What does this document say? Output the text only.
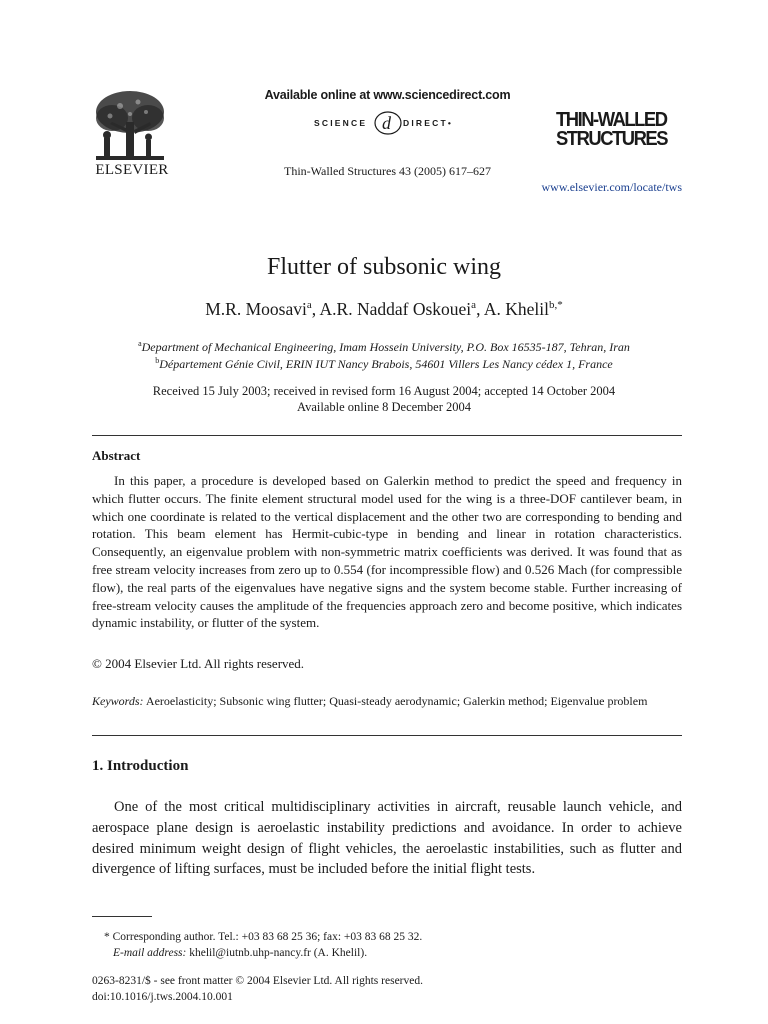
ELSEVIER
Available online at www.sciencedirect.com
SCIENCE d DIRECT•
Thin-Walled Structures 43 (2005) 617–627
THIN-WALLED
STRUCTURES
www.elsevier.com/locate/tws
Flutter of subsonic wing
M.R. Moosavi$^a$, A.R. Naddaf Oskouei$^a$, A. Khelil$^{b,*}$
$^a$Department of Mechanical Engineering, Imam Hossein University, P.O. Box 16535-187, Tehran, Iran
$^b$Département Génie Civil, ERIN IUT Nancy Brabois, 54601 Villers Les Nancy cédex 1, France
Received 15 July 2003; received in revised form 16 August 2004; accepted 14 October 2004
Available online 8 December 2004
Abstract
In this paper, a procedure is developed based on Galerkin method to predict the speed and frequency in which flutter occurs. The finite element structural model used for the wing is a three-DOF cantilever beam, in which one coordinate is related to the vertical displacement and the other two are corresponding to bending and rotation. This beam element has Hermit-cubic-type in bending and linear in rotation characteristics. Consequently, an eigenvalue problem with non-symmetric matrix coefficients was derived. It was found that as free stream velocity increases from zero up to 0.554 (for incompressible flow) and 0.526 Mach (for compressible flow), the real parts of the eigenvalues have negative signs and the system become stable. Further increasing of free-stream velocity causes the amplitude of the frequencies approach zero and become positive, which indicates dynamic instability, or flutter of the system.
© 2004 Elsevier Ltd. All rights reserved.
Keywords: Aeroelasticity; Subsonic wing flutter; Quasi-steady aerodynamic; Galerkin method; Eigenvalue problem
1. Introduction
One of the most critical multidisciplinary activities in aircraft, reusable launch vehicle, and aerospace plane design is aeroelastic instability predictions and avoidance. In order to achieve desired minimum weight design of flight vehicles, the aeroelastic instabilities, such as flutter and divergence of lifting surfaces, must be included before the initial flight tests.
* Corresponding author. Tel.: +03 83 68 25 36; fax: +03 83 68 25 32.
E-mail address: khelil@iutnb.uhp-nancy.fr (A. Khelil).
0263-8231/$ - see front matter © 2004 Elsevier Ltd. All rights reserved.
doi:10.1016/j.tws.2004.10.001
